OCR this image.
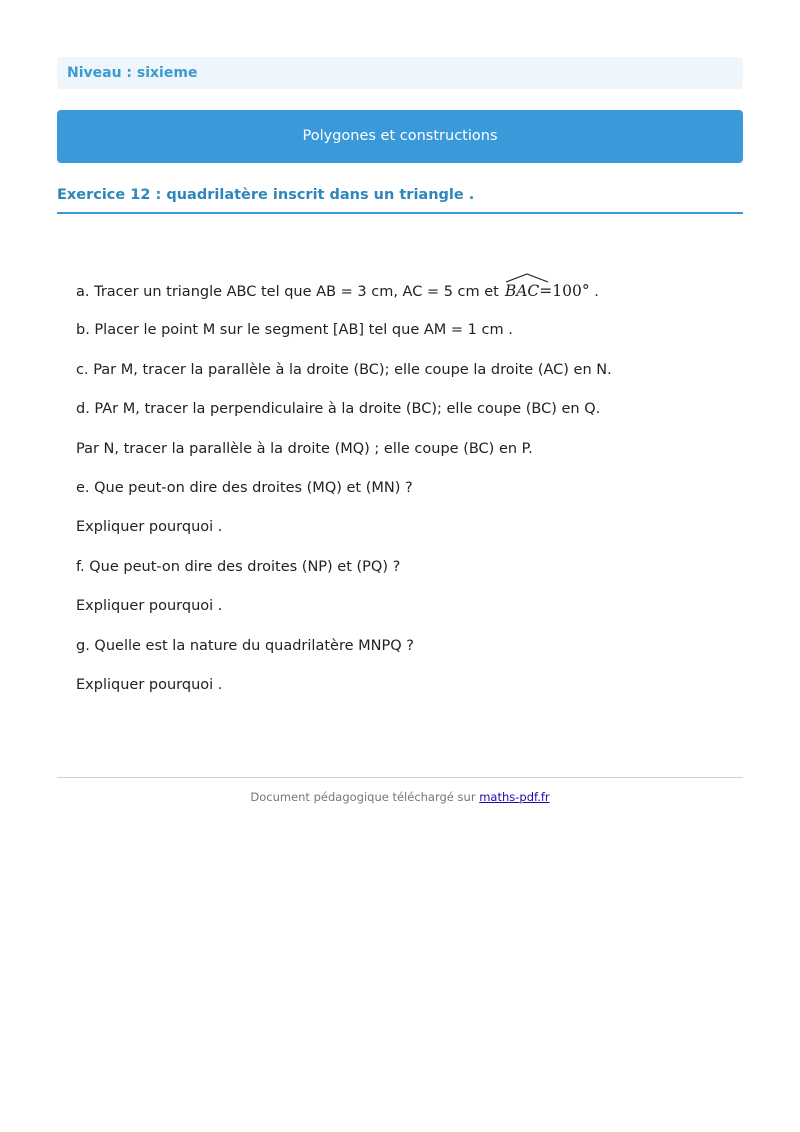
Niveau : sixieme
Polygones et constructions
Exercice 12 : quadrilatère inscrit dans un triangle .
a. Tracer un triangle ABC tel que AB = 3 cm, AC = 5 cm et BAC=100° .
b. Placer le point M sur le segment [AB] tel que AM = 1 cm .
c. Par M, tracer la parallèle à la droite (BC); elle coupe la droite (AC) en N.
d. PAr M, tracer la perpendiculaire à la droite (BC); elle coupe (BC) en Q.
Par N, tracer la parallèle à la droite (MQ) ; elle coupe (BC) en P.
e. Que peut-on dire des droites (MQ) et (MN) ?
Expliquer pourquoi .
f. Que peut-on dire des droites (NP) et (PQ) ?
Expliquer pourquoi .
g. Quelle est la nature du quadrilatère MNPQ ?
Expliquer pourquoi .
Document pédagogique téléchargé sur maths-pdf.fr
